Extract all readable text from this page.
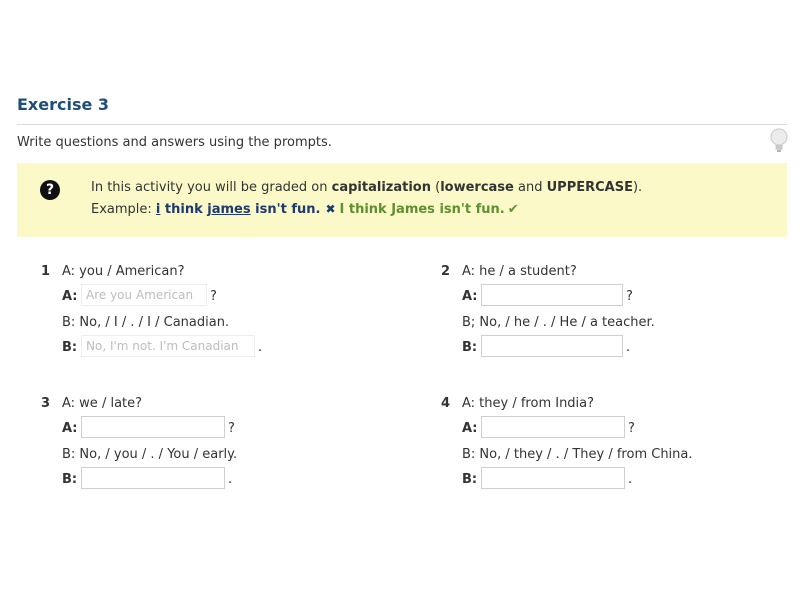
Exercise 3
Write questions and answers using the prompts.
?	In this activity you will be graded on capitalization (lowercase and UPPERCASE).
Example: i think james isn't fun. ✖ I think James isn't fun. ✔
1 A: you / American?
A:
Are you American	?
B: No, / I / . / I / Canadian.
B:
No, I'm not. I'm Canadian	.
2 A: he / a student?
A:	?
B; No, / he / . / He / a teacher.
B:	.
3 A: we / late?
A:	?
B: No, / you / . / You / early.
B:	.
4 A: they / from India?
A:	?
B: No, / they / . / They / from China.
B:	.
